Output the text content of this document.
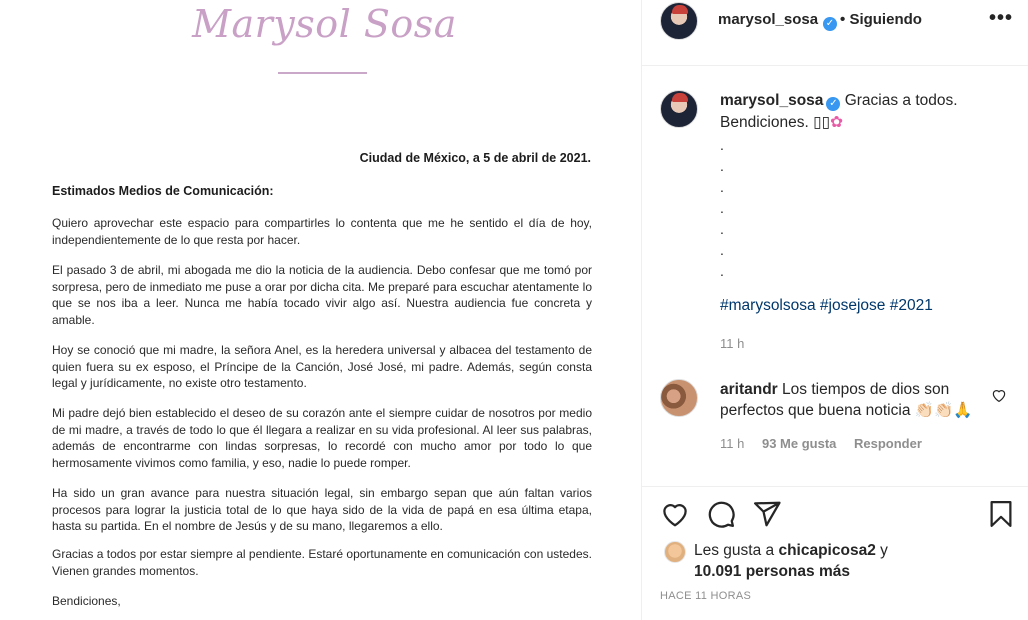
Marysol Sosa
Ciudad de México, a 5 de abril de 2021.
Estimados Medios de Comunicación:
Quiero aprovechar este espacio para compartirles lo contenta que me he sentido el día de hoy, independientemente de lo que resta por hacer.
El pasado 3 de abril, mi abogada me dio la noticia de la audiencia. Debo confesar que me tomó por sorpresa, pero de inmediato me puse a orar por dicha cita. Me preparé para escuchar atentamente lo que se nos iba a leer. Nunca me había tocado vivir algo así. Nuestra audiencia fue concreta y amable.
Hoy se conoció que mi madre, la señora Anel, es la heredera universal y albacea del testamento de quien fuera su ex esposo, el Príncipe de la Canción, José José, mi padre. Además, según consta legal y jurídicamente, no existe otro testamento.
Mi padre dejó bien establecido el deseo de su corazón ante el siempre cuidar de nosotros por medio de mi madre, a través de todo lo que él llegara a realizar en su vida profesional. Al leer sus palabras, además de encontrarme con lindas sorpresas, lo recordé con mucho amor por todo lo que hermosamente vivimos como familia, y eso, nadie lo puede romper.
Ha sido un gran avance para nuestra situación legal, sin embargo sepan que aún faltan varios procesos para lograr la justicia total de lo que haya sido de la vida de papá en esa última etapa, hasta su partida. En el nombre de Jesús y de su mano, llegaremos a ello.
Gracias a todos por estar siempre al pendiente. Estaré oportunamente en comunicación con ustedes. Vienen grandes momentos.
Bendiciones,
marysol_sosa ✓ • Siguiendo	•••
marysol_sosa ✓ Gracias a todos. Bendiciones. ▯▯✿
.
.
.
.
.
.
.
#marysolsosa #josejose #2021
11 h
aritandr Los tiempos de dios son perfectos que buena noticia 👏🏻👏🏻🙏
11 h 93 Me gusta Responder
Les gusta a chicapicosa2 y
10.091 personas más
HACE 11 HORAS
